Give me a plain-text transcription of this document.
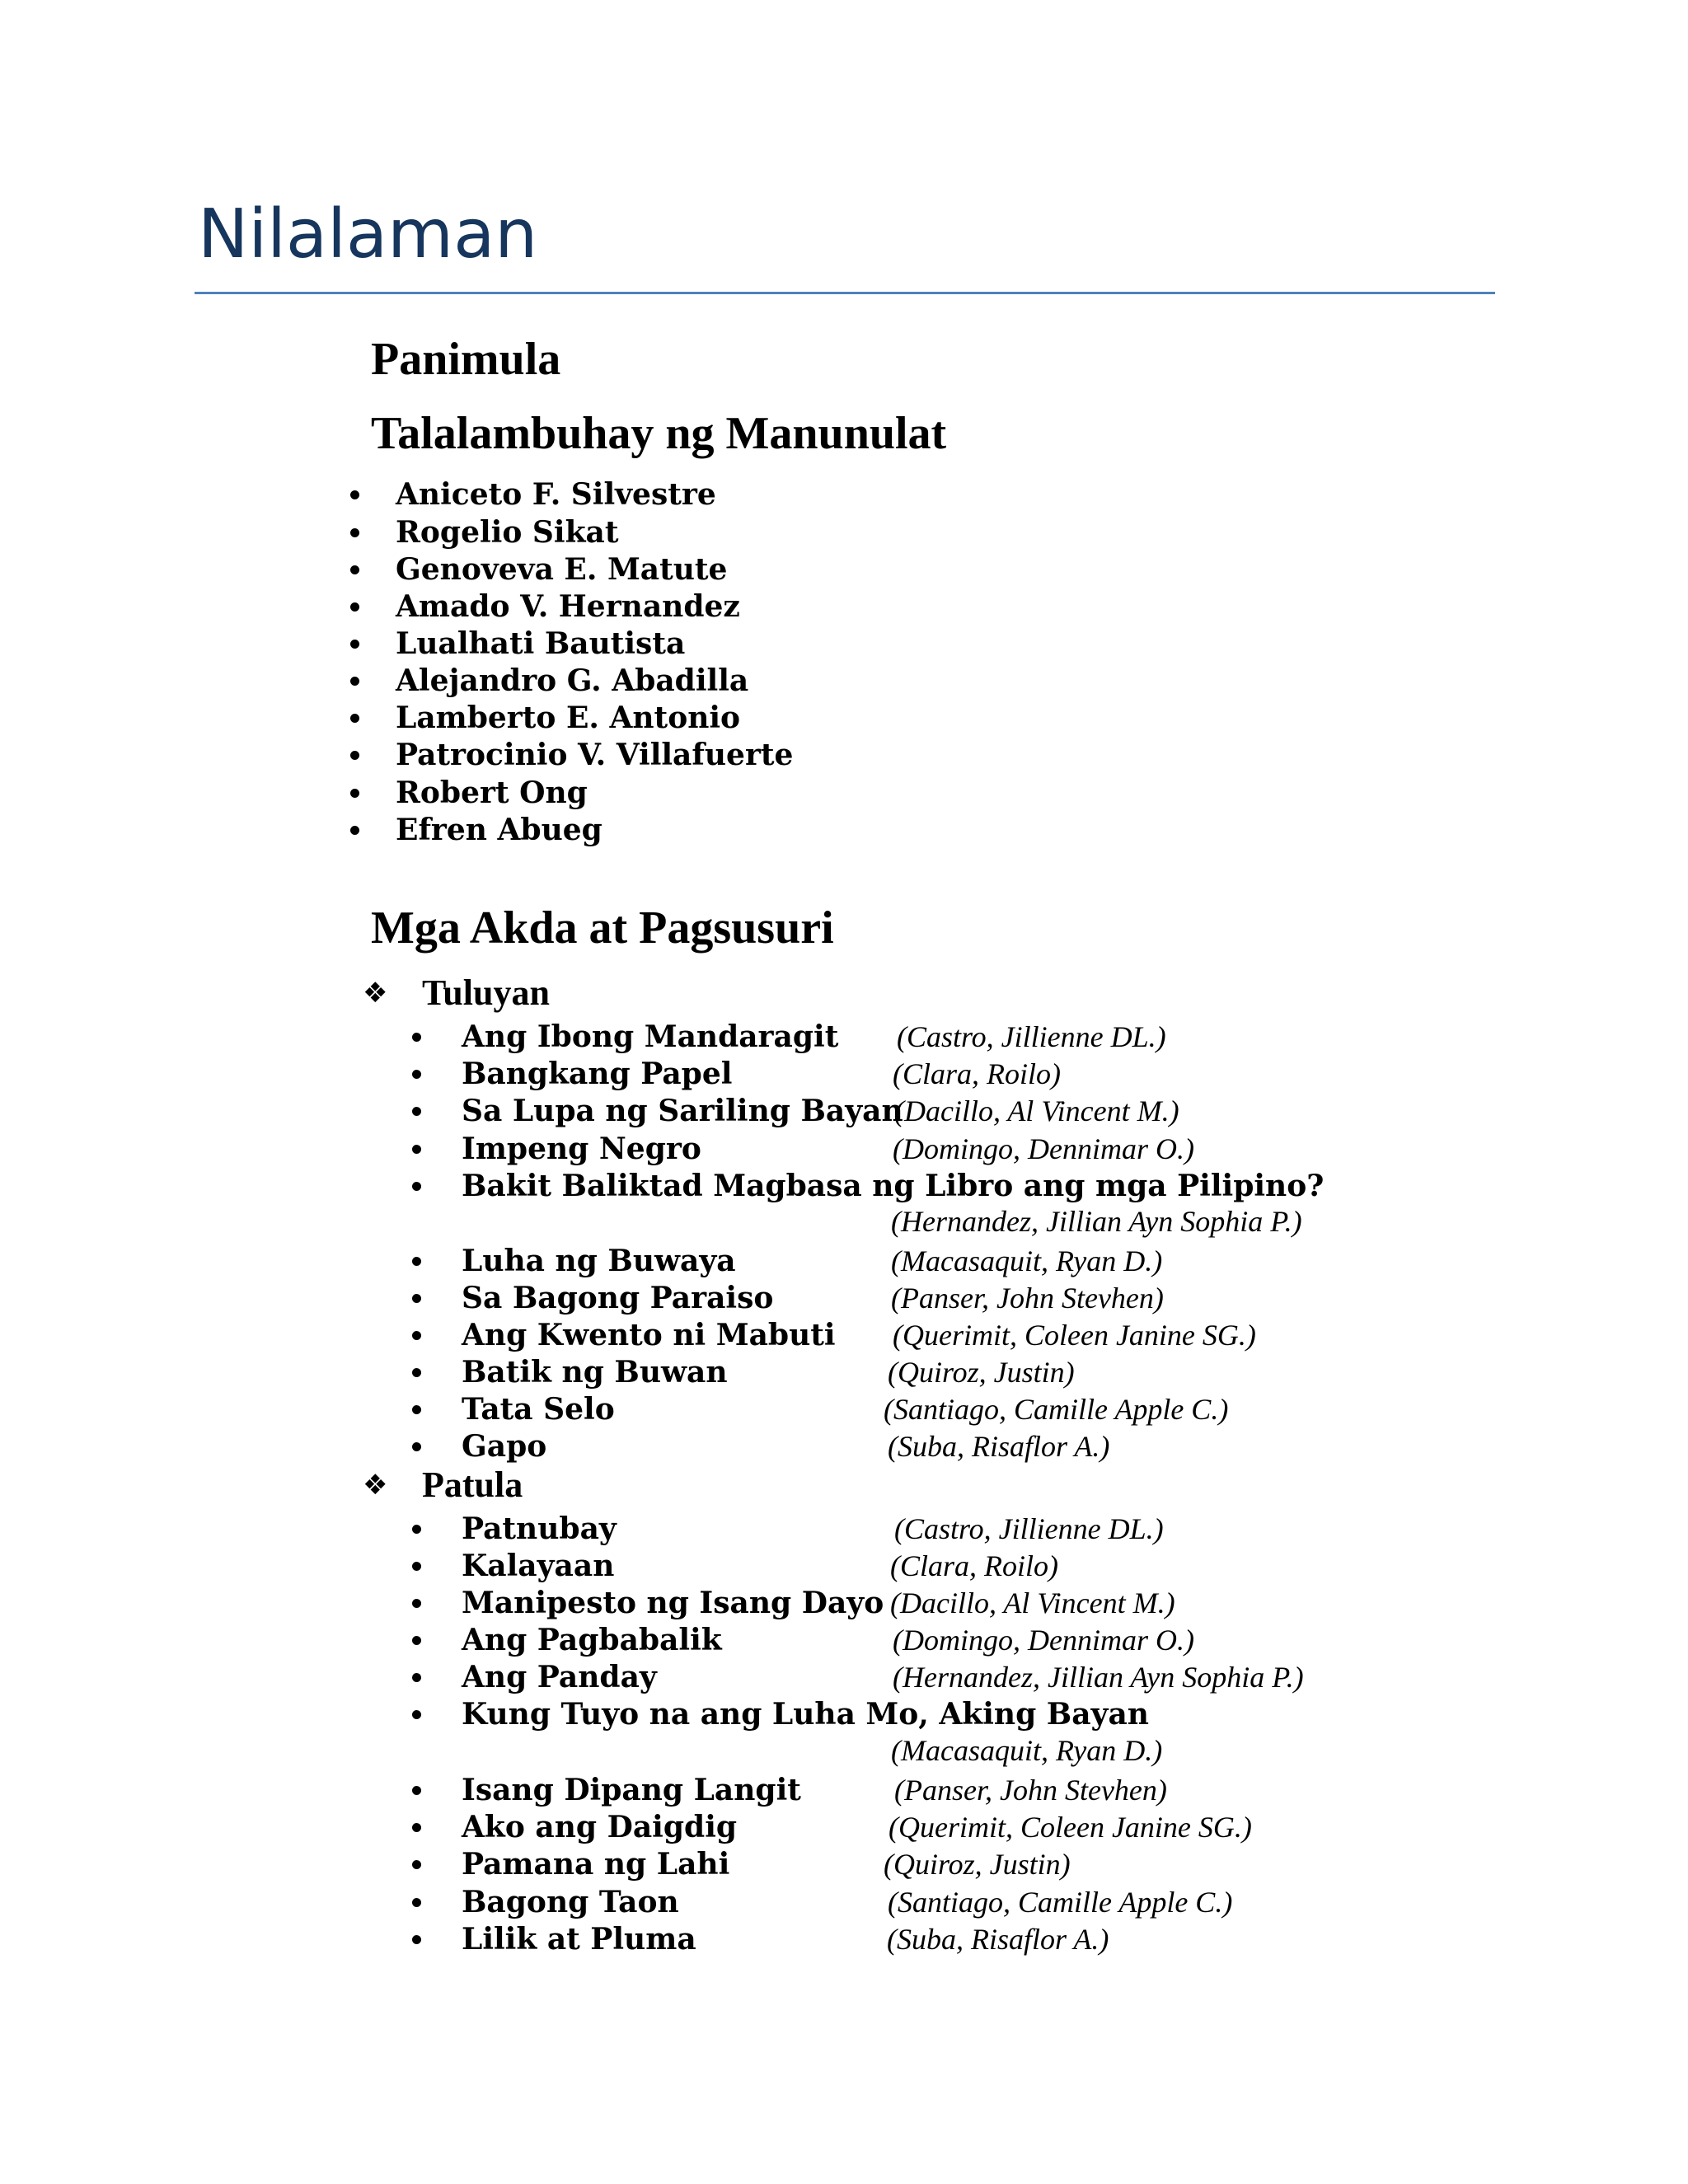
Nilalaman
Panimula
Talalambuhay ng Manunulat
Aniceto F. Silvestre
Rogelio Sikat
Genoveva E. Matute
Amado V. Hernandez
Lualhati Bautista
Alejandro G. Abadilla
Lamberto E. Antonio
Patrocinio V. Villafuerte
Robert Ong
Efren Abueg
Mga Akda at Pagsusuri
❖ Tuluyan
Ang Ibong Mandaragit (Castro, Jillienne DL.)
Bangkang Papel	(Clara, Roilo)
Sa Lupa ng Sariling Bayan
(Dacillo, Al Vincent M.)
Impeng Negro	(Domingo, Dennimar O.)
Bakit Baliktad Magbasa ng Libro ang mga Pilipino?
(Hernandez, Jillian Ayn Sophia P.)
Luha ng Buwaya	(Macasaquit, Ryan D.)
Sa Bagong Paraiso	(Panser, John Stevhen)
Ang Kwento ni Mabuti (Querimit, Coleen Janine SG.)
Batik ng Buwan	(Quiroz, Justin)
Tata Selo	(Santiago, Camille Apple C.)
Gapo	(Suba, Risaflor A.)
❖ Patula
Patnubay	(Castro, Jillienne DL.)
Kalayaan	(Clara, Roilo)
Manipesto ng Isang Dayo (Dacillo, Al Vincent M.)
Ang Pagbabalik	(Domingo, Dennimar O.)
Ang Panday	(Hernandez, Jillian Ayn Sophia P.)
Kung Tuyo na ang Luha Mo, Aking Bayan
(Macasaquit, Ryan D.)
Isang Dipang Langit	(Panser, John Stevhen)
Ako ang Daigdig	(Querimit, Coleen Janine SG.)
Pamana ng Lahi	(Quiroz, Justin)
Bagong Taon	(Santiago, Camille Apple C.)
Lilik at Pluma	(Suba, Risaflor A.)
